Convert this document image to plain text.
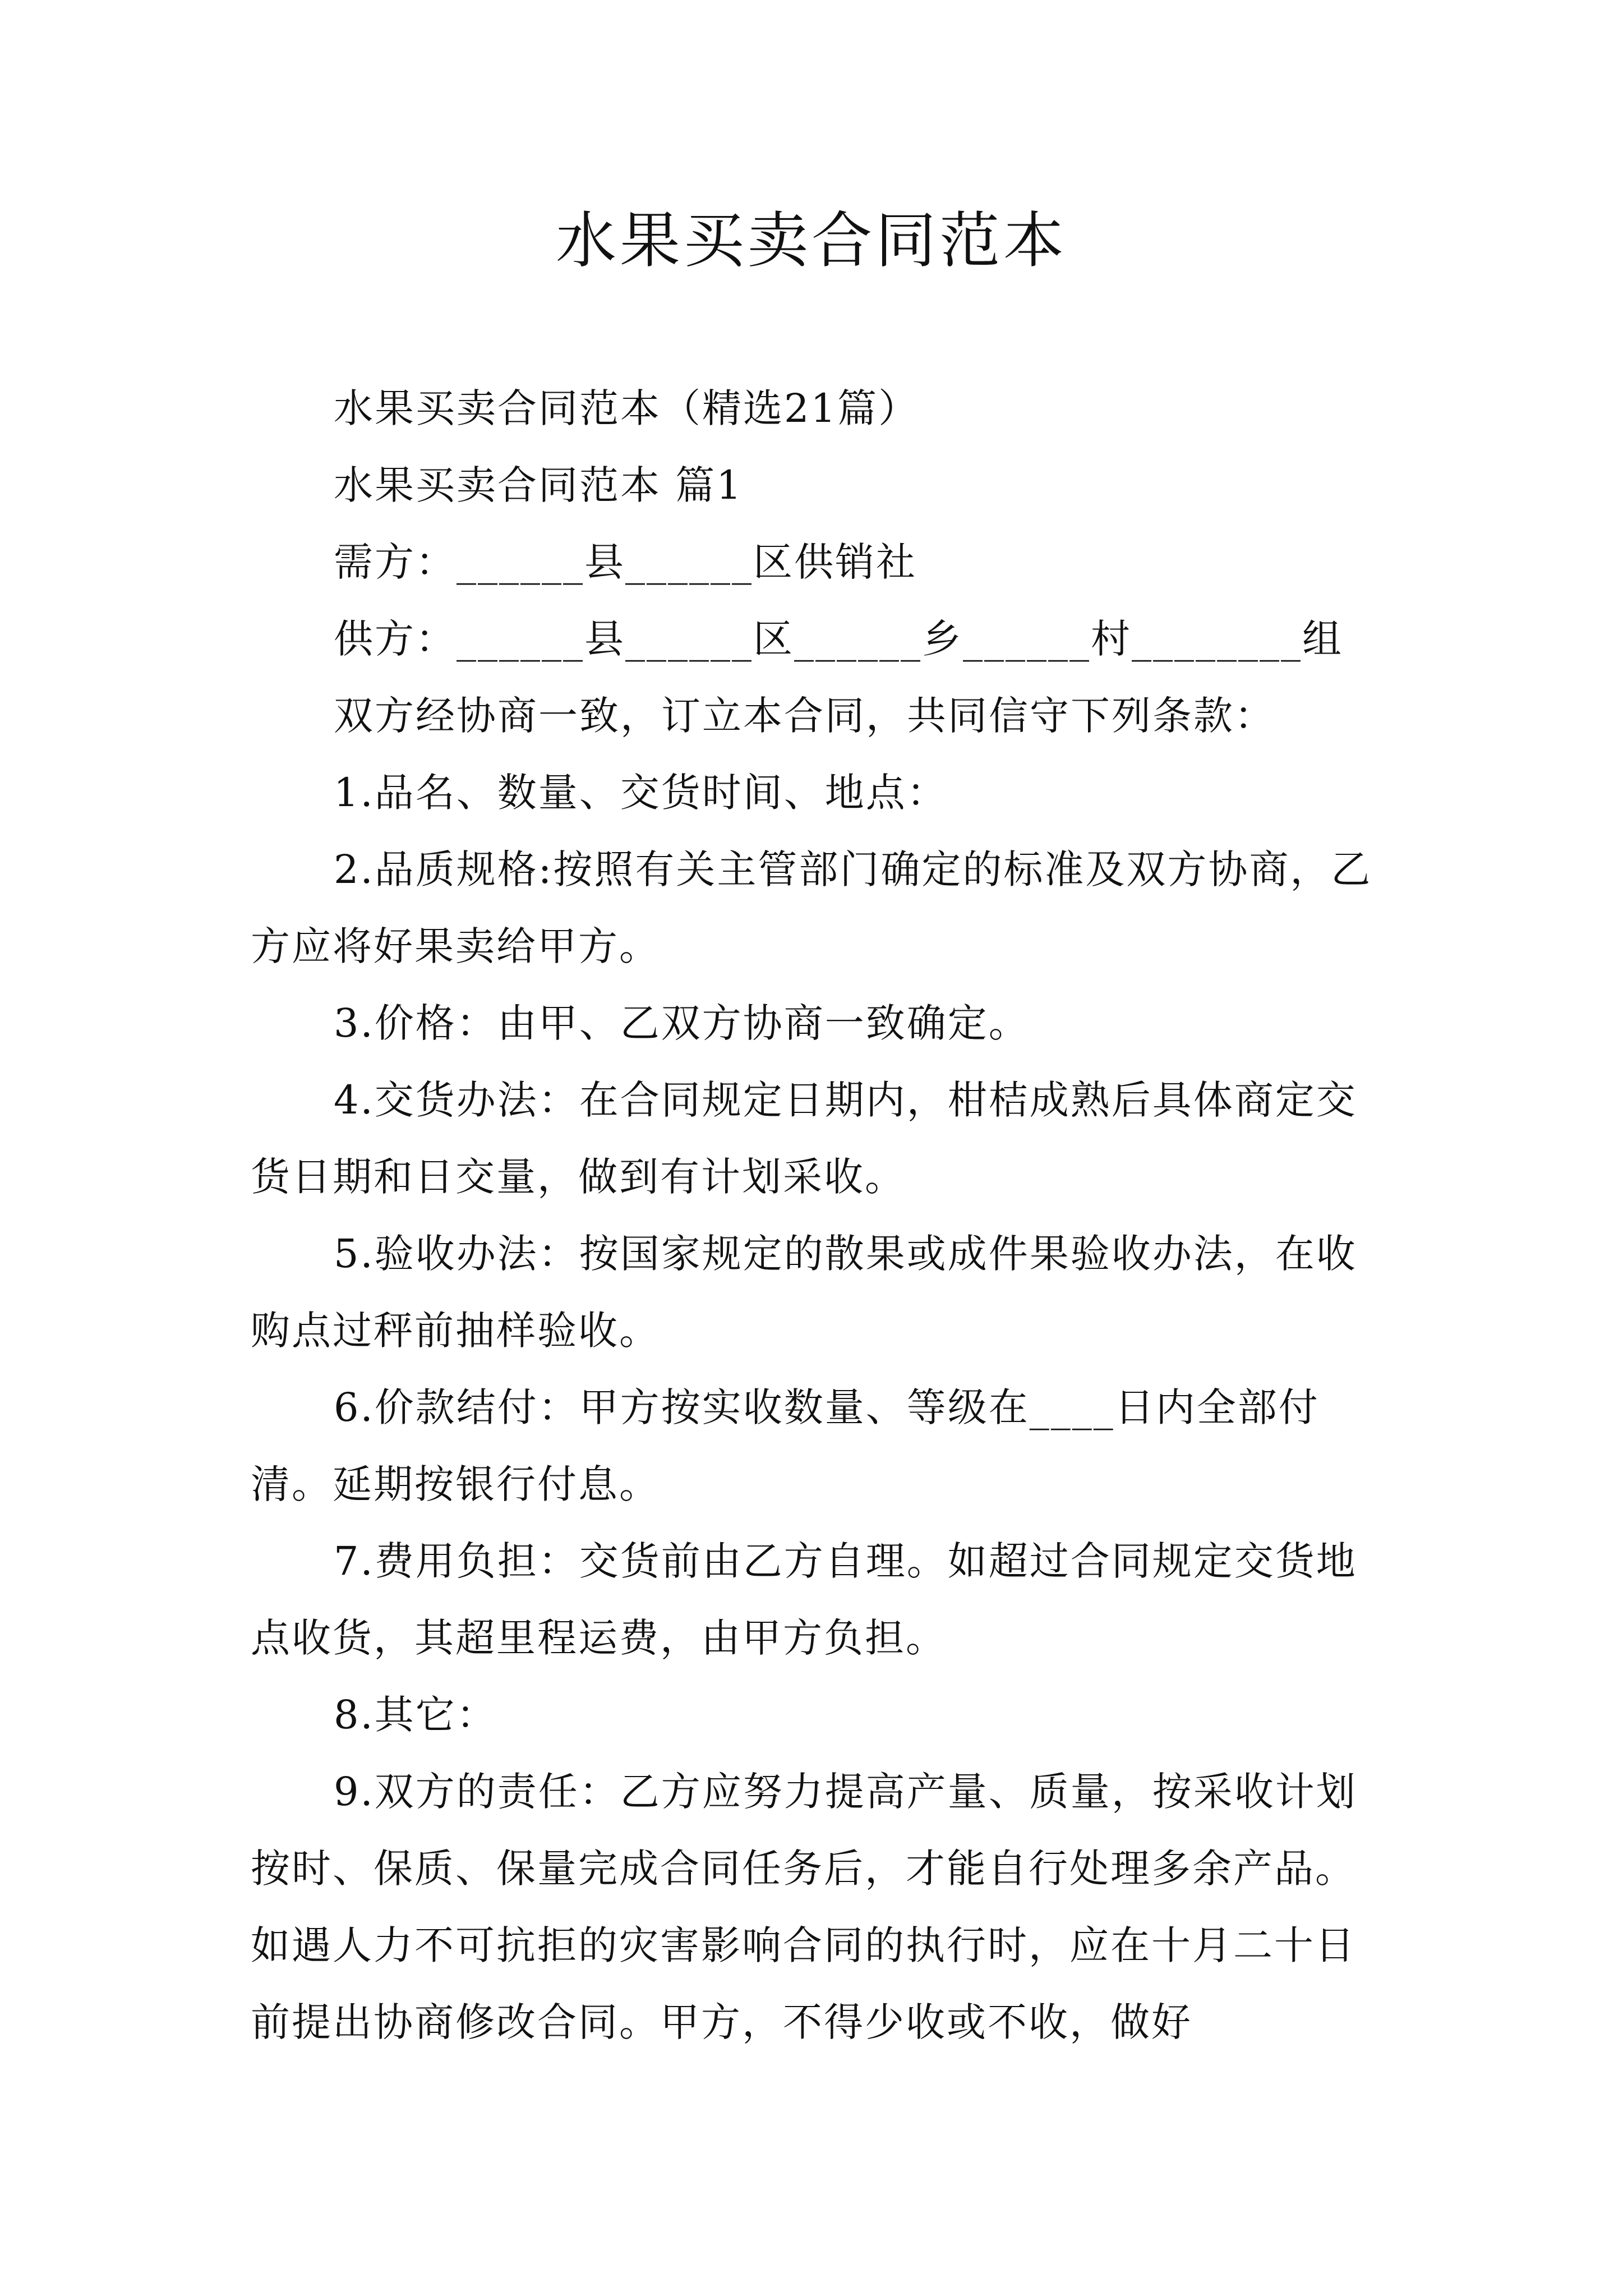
水果买卖合同范本

水果买卖合同范本（精选21篇）

水果买卖合同范本 篇1

需方：______县______区供销社

供方：______县______区______乡______村________组

双方经协商一致，订立本合同，共同信守下列条款：

1.品名、数量、交货时间、地点：

2.品质规格:按照有关主管部门确定的标准及双方协商，乙方应将好果卖给甲方。

3.价格：由甲、乙双方协商一致确定。

4.交货办法：在合同规定日期内，柑桔成熟后具体商定交货日期和日交量，做到有计划采收。

5.验收办法：按国家规定的散果或成件果验收办法，在收购点过秤前抽样验收。

6.价款结付：甲方按实收数量、等级在____日内全部付清。延期按银行付息。

7.费用负担：交货前由乙方自理。如超过合同规定交货地点收货，其超里程运费，由甲方负担。

8.其它：

9.双方的责任：乙方应努力提高产量、质量，按采收计划按时、保质、保量完成合同任务后，才能自行处理多余产品。如遇人力不可抗拒的灾害影响合同的执行时，应在十月二十日前提出协商修改合同。甲方，不得少收或不收，做好
